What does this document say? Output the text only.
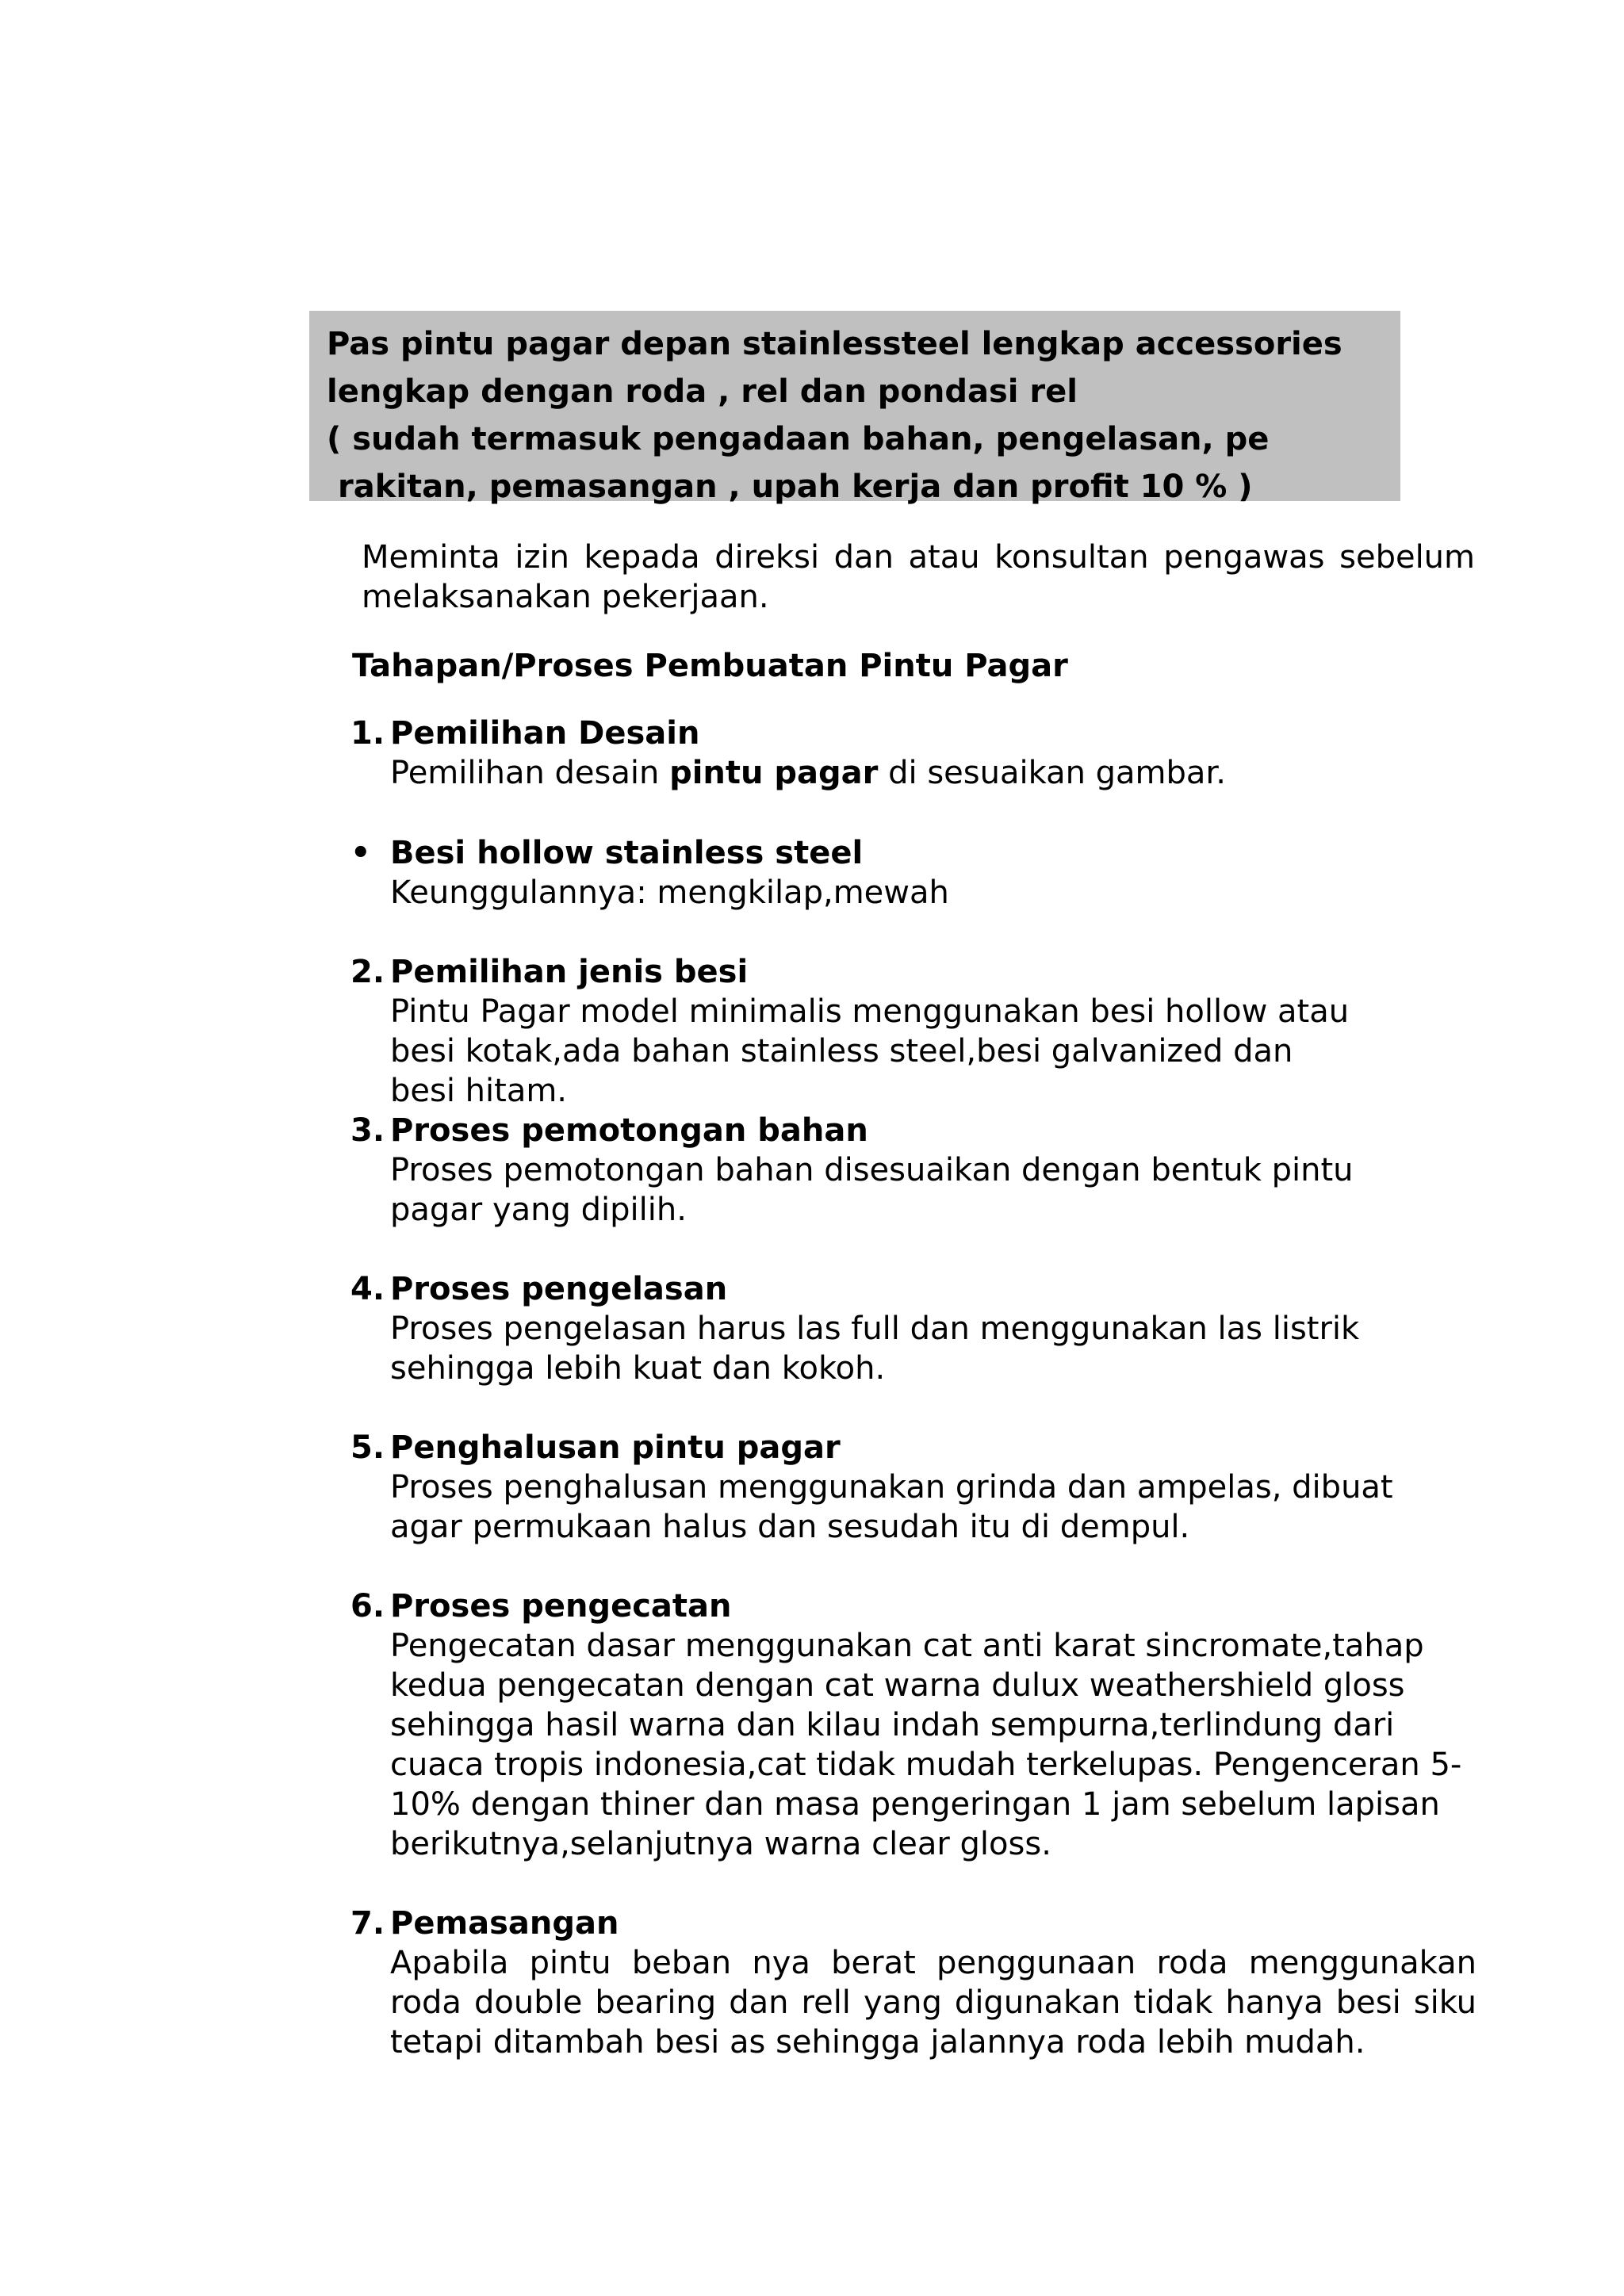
Pas pintu pagar depan stainlessteel lengkap accessories
lengkap dengan roda , rel dan pondasi rel
( sudah termasuk pengadaan bahan, pengelasan, pe
rakitan, pemasangan , upah kerja dan profit 10 % )
Meminta izin kepada direksi dan atau konsultan pengawas sebelum melaksanakan pekerjaan.
Tahapan/Proses Pembuatan Pintu Pagar
1. Pemilihan Desain
Pemilihan desain pintu pagar di sesuaikan gambar.
• Besi hollow stainless steel
Keunggulannya: mengkilap,mewah
2. Pemilihan jenis besi
Pintu Pagar model minimalis menggunakan besi hollow atau besi kotak,ada bahan stainless steel,besi galvanized dan besi hitam.
3. Proses pemotongan bahan
Proses pemotongan bahan disesuaikan dengan bentuk pintu pagar yang dipilih.
4. Proses pengelasan
Proses pengelasan harus las full dan menggunakan las listrik sehingga lebih kuat dan kokoh.
5. Penghalusan pintu pagar
Proses penghalusan menggunakan grinda dan ampelas, dibuat agar permukaan halus dan sesudah itu di dempul.
6. Proses pengecatan
Pengecatan dasar menggunakan cat anti karat sincromate,tahap kedua pengecatan dengan cat warna dulux weathershield gloss sehingga hasil warna dan kilau indah sempurna,terlindung dari cuaca tropis indonesia,cat tidak mudah terkelupas. Pengenceran 5-10% dengan thiner dan masa pengeringan 1 jam sebelum lapisan berikutnya,selanjutnya warna clear gloss.
7. Pemasangan
Apabila pintu beban nya berat penggunaan roda menggunakan roda double bearing dan rell yang digunakan tidak hanya besi siku tetapi ditambah besi as sehingga jalannya roda lebih mudah.
